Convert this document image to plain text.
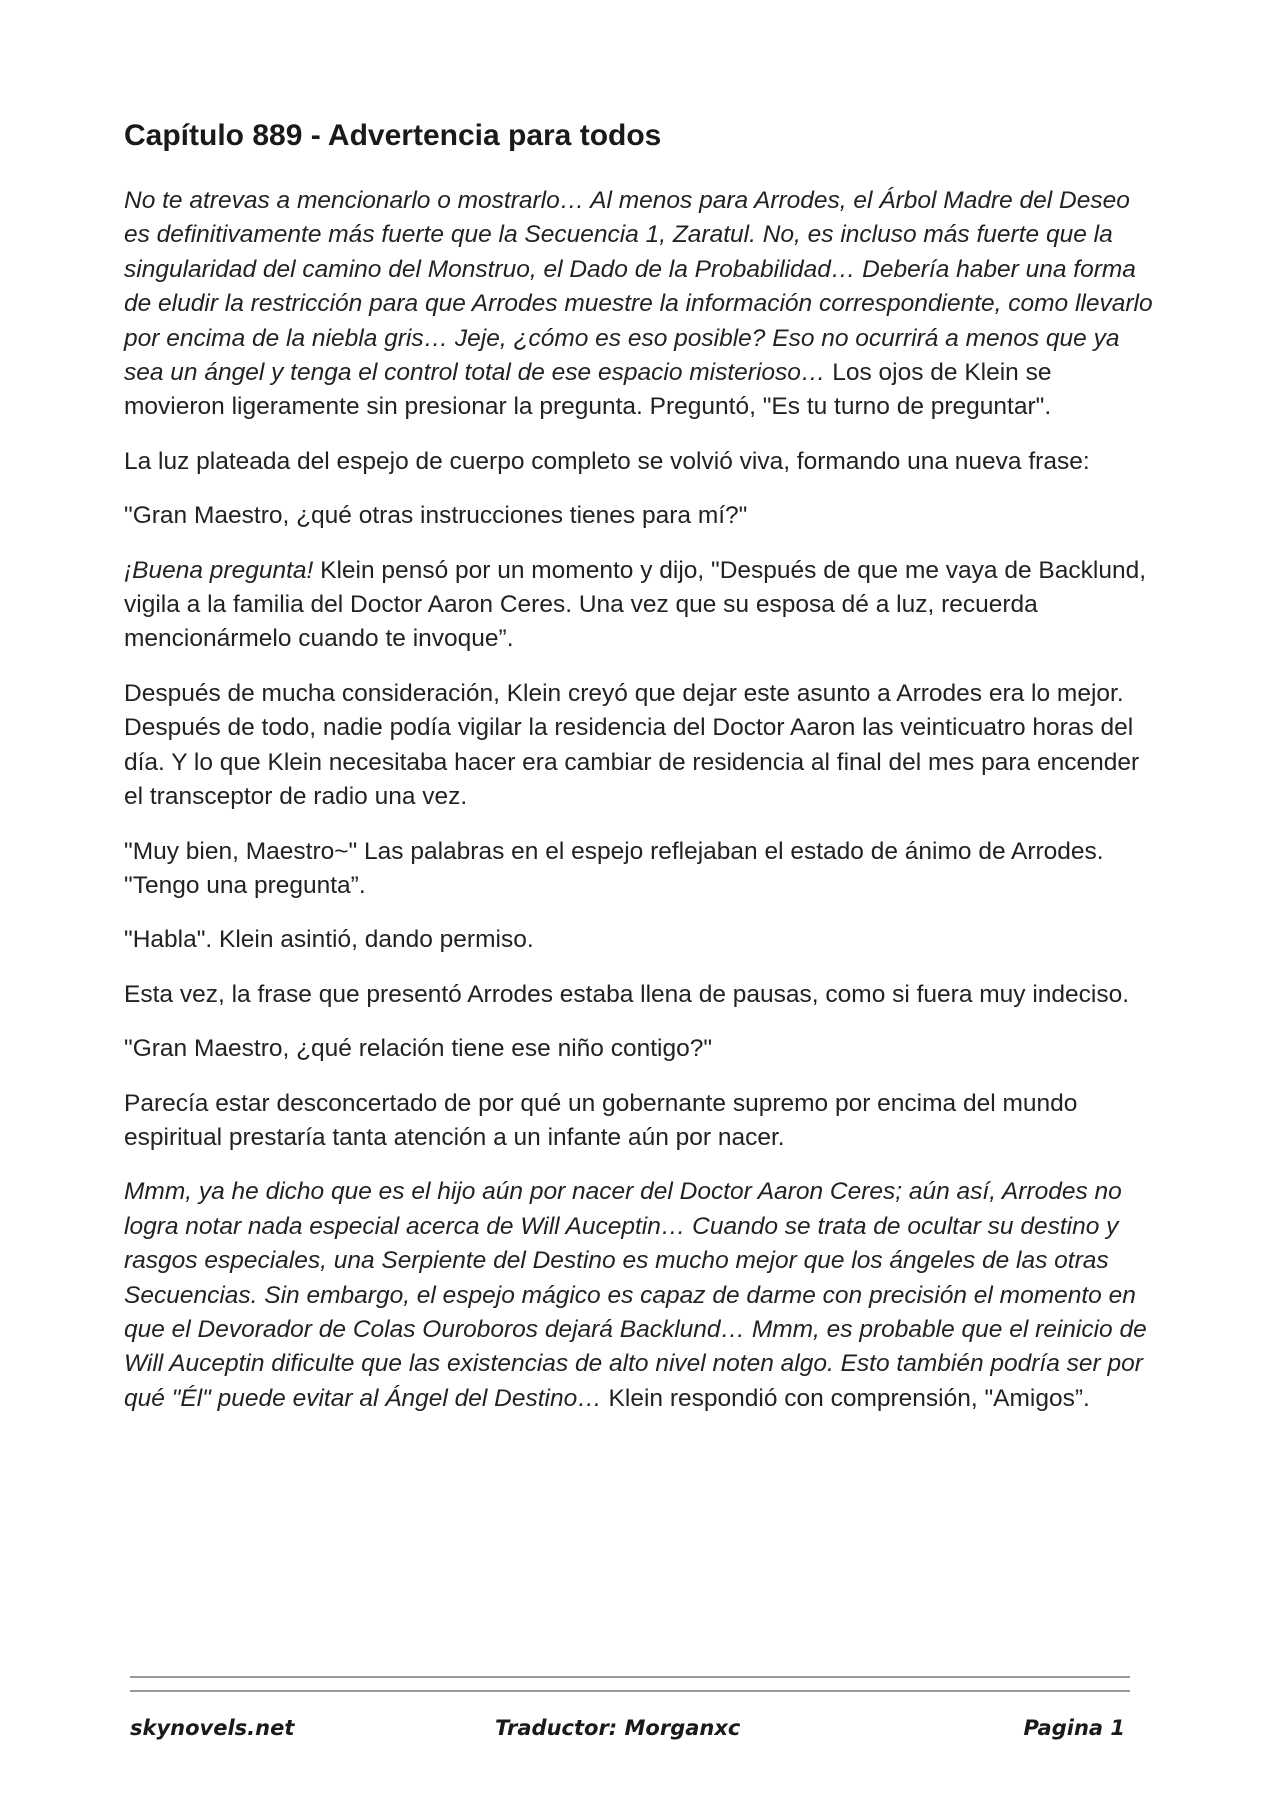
Capítulo 889 - Advertencia para todos

No te atrevas a mencionarlo o mostrarlo… Al menos para Arrodes, el Árbol Madre del Deseo es definitivamente más fuerte que la Secuencia 1, Zaratul. No, es incluso más fuerte que la singularidad del camino del Monstruo, el Dado de la Probabilidad… Debería haber una forma de eludir la restricción para que Arrodes muestre la información correspondiente, como llevarlo por encima de la niebla gris… Jeje, ¿cómo es eso posible? Eso no ocurrirá a menos que ya sea un ángel y tenga el control total de ese espacio misterioso… Los ojos de Klein se movieron ligeramente sin presionar la pregunta. Preguntó, "Es tu turno de preguntar".

La luz plateada del espejo de cuerpo completo se volvió viva, formando una nueva frase:

"Gran Maestro, ¿qué otras instrucciones tienes para mí?"

¡Buena pregunta! Klein pensó por un momento y dijo, "Después de que me vaya de Backlund, vigila a la familia del Doctor Aaron Ceres. Una vez que su esposa dé a luz, recuerda mencionármelo cuando te invoque”.

Después de mucha consideración, Klein creyó que dejar este asunto a Arrodes era lo mejor. Después de todo, nadie podía vigilar la residencia del Doctor Aaron las veinticuatro horas del día. Y lo que Klein necesitaba hacer era cambiar de residencia al final del mes para encender el transceptor de radio una vez.

"Muy bien, Maestro~" Las palabras en el espejo reflejaban el estado de ánimo de Arrodes. "Tengo una pregunta”.

"Habla". Klein asintió, dando permiso.

Esta vez, la frase que presentó Arrodes estaba llena de pausas, como si fuera muy indeciso.

"Gran Maestro, ¿qué relación tiene ese niño contigo?"

Parecía estar desconcertado de por qué un gobernante supremo por encima del mundo espiritual prestaría tanta atención a un infante aún por nacer.

Mmm, ya he dicho que es el hijo aún por nacer del Doctor Aaron Ceres; aún así, Arrodes no logra notar nada especial acerca de Will Auceptin… Cuando se trata de ocultar su destino y rasgos especiales, una Serpiente del Destino es mucho mejor que los ángeles de las otras Secuencias. Sin embargo, el espejo mágico es capaz de darme con precisión el momento en que el Devorador de Colas Ouroboros dejará Backlund… Mmm, es probable que el reinicio de Will Auceptin dificulte que las existencias de alto nivel noten algo. Esto también podría ser por qué "Él" puede evitar al Ángel del Destino… Klein respondió con comprensión, "Amigos”.

skynovels.net	Traductor: Morganxc	Pagina 1
